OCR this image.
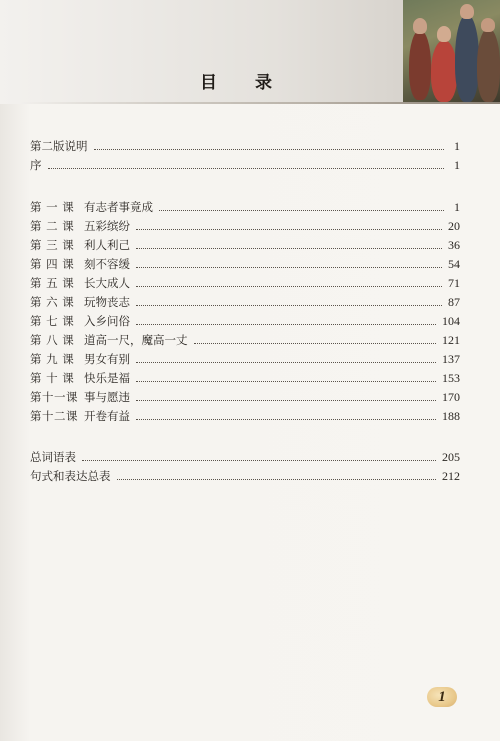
目录
第二版说明	1
序	1
第 一 课 有志者事竟成	1
第 二 课 五彩缤纷	20
第 三 课 利人利己	36
第 四 课 刻不容缓	54
第 五 课 长大成人	71
第 六 课 玩物丧志	87
第 七 课 入乡问俗	104
第 八 课 道高一尺，魔高一丈	121
第 九 课 男女有别	137
第 十 课 快乐是福	153
第十一课 事与愿违	170
第十二课 开卷有益	188
总词语表	205
句式和表达总表	212
1
